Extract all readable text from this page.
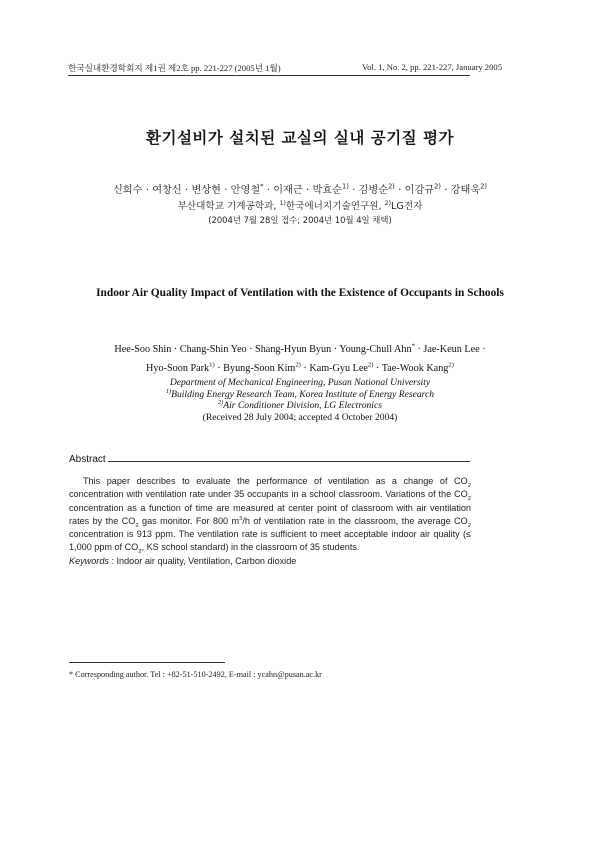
한국실내환경학회지 제1권 제2호 pp. 221-227 (2005년 1월)	Vol. 1, No. 2, pp. 221-227, January 2005
환기설비가 설치된 교실의 실내 공기질 평가
신희수 · 여창신 · 변상현 · 안영철* · 이재근 · 박효순$^{1)}$ · 김병순$^{2)}$ · 이감규$^{2)}$ · 강태욱$^{2)}$
부산대학교 기계공학과, $^{1)}$한국에너지기술연구원, $^{2)}$LG전자
(2004년 7월 28일 접수; 2004년 10월 4일 채택)
Indoor Air Quality Impact of Ventilation with the Existence of Occupants in Schools
Hee-Soo Shin · Chang-Shin Yeo · Shang-Hyun Byun · Young-Chull Ahn* · Jae-Keun Lee ·
Hyo-Soon Park$^{1)}$ · Byung-Soon Kim$^{2)}$ · Kam-Gyu Lee$^{2)}$ · Tae-Wook Kang$^{2)}$
Department of Mechanical Engineering, Pusan National University
$^{1)}$Building Energy Research Team, Korea Institute of Energy Research
$^{2)}$Air Conditioner Division, LG Electronics
(Received 28 July 2004; accepted 4 October 2004)
Abstract
This paper describes to evaluate the performance of ventilation as a change of $CO_2$ concentration with ventilation rate under 35 occupants in a school classroom. Variations of the $CO_2$ concentration as a function of time are measured at center point of classroom with air ventilation rates by the $CO_2$ gas monitor. For 800 $m^3/h$ of ventilation rate in the classroom, the average $CO_2$ concentration is 913 ppm. The ventilation rate is sufficient to meet acceptable indoor air quality (≤ 1,000 ppm of $CO_2$, KS school standard) in the classroom of 35 students.
Keywords : Indoor air quality, Ventilation, Carbon dioxide
* Corresponding author. Tel : +82-51-510-2492, E-mail : ycahn@pusan.ac.kr
